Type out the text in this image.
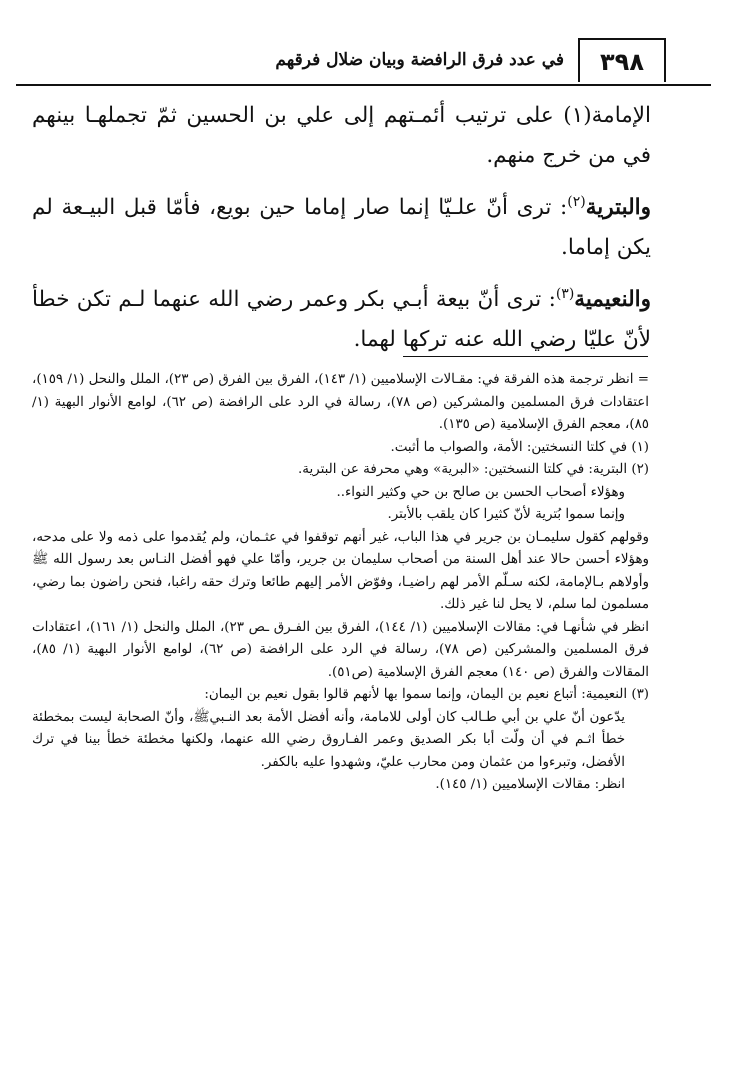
٣٩٨
في عدد فرق الرافضة وبيان ضلال فرقهم

الإمامة(١) على ترتيب أئمـتهم إلى علي بن الحسين ثمّ تجملهـا بينهم في من خرج منهم.

والبترية$^{(٢)}$: ترى أنّ علـيّا إنما صار إماما حين بويع، فأمّا قبل البيـعة لم يكن إماما.

والنعيمية$^{(٣)}$: ترى أنّ بيعة أبـي بكر وعمر رضي الله عنهما لـم تكن خطأ لأنّ عليّا رضي الله عنه تركها لهما.

= انظر ترجمة هذه الفرقة في: مقـالات الإسلاميين (١/ ١٤٣)، الفرق بين الفرق (ص ٢٣)، الملل والنحل (١/ ١٥٩)، اعتقادات فرق المسلمين والمشركين (ص ٧٨)، رسالة في الرد على الرافضة (ص ٦٢)، لوامع الأنوار البهية (١/ ٨٥)، معجم الفرق الإسلامية (ص ١٣٥).

(١) في كلتا النسختين: الأمة، والصواب ما أثبت.

(٢) البترية: في كلتا النسختين: «البرية» وهي محرفة عن البترية.

وهؤلاء أصحاب الحسن بن صالح بن حي وكثير النواء..

وإنما سموا بُترية لأنّ كثيرا كان يلقب بالأبتر.

وقولهم كقول سليمـان بن جرير في هذا الباب، غير أنهم توقفوا في عثـمان، ولم يُقدموا على ذمه ولا على مدحه، وهؤلاء أحسن حالا عند أهل السنة من أصحاب سليمان بن جرير، وأمّا علي فهو أفضل النـاس بعد رسول الله ﷺ وأولاهم بـالإمامة، لكنه سـلّم الأمر لهم راضيـا، وفوّض الأمر إليهم طائعا وترك حقه راغبا، فنحن راضون بما رضي، مسلمون لما سلم، لا يحل لنا غير ذلك.

انظر في شأنهـا في: مقالات الإسلاميين (١/ ١٤٤)، الفرق بين الفـرق ـص ٢٣)، الملل والنحل (١/ ١٦١)، اعتقادات فرق المسلمين والمشركين (ص ٧٨)، رسالة في الرد على الرافضة (ص ٦٢)، لوامع الأنوار البهية (١/ ٨٥)، المقالات والفرق (ص ١٤٠) معجم الفرق الإسلامية (ص٥١).

(٣) النعيمية: أتباع نعيم بن اليمان، وإنما سموا بها لأنهم قالوا بقول نعيم بن اليمان:

يدّعون أنّ علي بن أبي طـالب كان أولى للامامة، وأنه أفضل الأمة بعد النـبيﷺ، وأنّ الصحابة ليست بمخطئة خطأ اثـم في أن ولّت أبا بكر الصديق وعمر الفـاروق رضي الله عنهما، ولكنها مخطئة خطأ بينا في ترك الأفضل، وتبرءوا من عثمان ومن محارب عليّ، وشهدوا عليه بالكفر.

انظر: مقالات الإسلاميين (١/ ١٤٥).
